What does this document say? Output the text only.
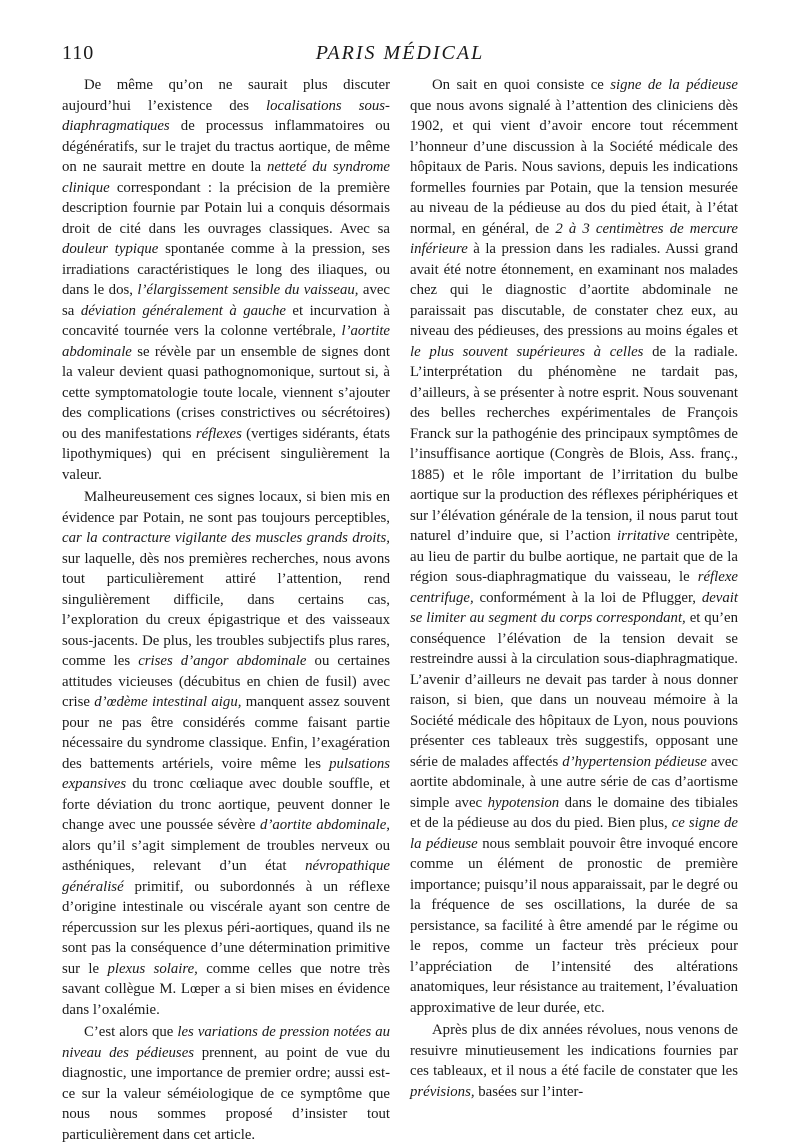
110	PARIS MÉDICAL

De même qu’on ne saurait plus discuter aujourd’hui l’existence des localisations sous-diaphragmatiques de processus inflammatoires ou dégénératifs, sur le trajet du tractus aortique, de même on ne saurait mettre en doute la netteté du syndrome clinique correspondant : la précision de la première description fournie par Potain lui a conquis désormais droit de cité dans les ouvrages classiques. Avec sa douleur typique spontanée comme à la pression, ses irradiations caractéristiques le long des iliaques, ou dans le dos, l’élargissement sensible du vaisseau, avec sa déviation généralement à gauche et incurvation à concavité tournée vers la colonne vertébrale, l’aortite abdominale se révèle par un ensemble de signes dont la valeur devient quasi pathognomonique, surtout si, à cette symptomatologie toute locale, viennent s’ajouter des complications (crises constrictives ou sécrétoires) ou des manifestations réflexes (vertiges sidérants, états lipothymiques) qui en précisent singulièrement la valeur.

Malheureusement ces signes locaux, si bien mis en évidence par Potain, ne sont pas toujours perceptibles, car la contracture vigilante des muscles grands droits, sur laquelle, dès nos premières recherches, nous avons tout particulièrement attiré l’attention, rend singulièrement difficile, dans certains cas, l’exploration du creux épigastrique et des vaisseaux sous-jacents. De plus, les troubles subjectifs plus rares, comme les crises d’angor abdominale ou certaines attitudes vicieuses (décubitus en chien de fusil) avec crise d’œdème intestinal aigu, manquent assez souvent pour ne pas être considérés comme faisant partie nécessaire du syndrome classique. Enfin, l’exagération des battements artériels, voire même les pulsations expansives du tronc cœliaque avec double souffle, et forte déviation du tronc aortique, peuvent donner le change avec une poussée sévère d’aortite abdominale, alors qu’il s’agit simplement de troubles nerveux ou asthéniques, relevant d’un état névropathique généralisé primitif, ou subordonnés à un réflexe d’origine intestinale ou viscérale ayant son centre de répercussion sur les plexus péri-aortiques, quand ils ne sont pas la conséquence d’une détermination primitive sur le plexus solaire, comme celles que notre très savant collègue M. Lœper a si bien mises en évidence dans l’oxalémie.

C’est alors que les variations de pression notées au niveau des pédieuses prennent, au point de vue du diagnostic, une importance de premier ordre; aussi est-ce sur la valeur séméiologique de ce symptôme que nous nous sommes proposé d’insister tout particulièrement dans cet article.

On sait en quoi consiste ce signe de la pédieuse que nous avons signalé à l’attention des cliniciens dès 1902, et qui vient d’avoir encore tout récemment l’honneur d’une discussion à la Société médicale des hôpitaux de Paris. Nous savions, depuis les indications formelles fournies par Potain, que la tension mesurée au niveau de la pédieuse au dos du pied était, à l’état normal, en général, de 2 à 3 centimètres de mercure inférieure à la pression dans les radiales. Aussi grand avait été notre étonnement, en examinant nos malades chez qui le diagnostic d’aortite abdominale ne paraissait pas discutable, de constater chez eux, au niveau des pédieuses, des pressions au moins égales et le plus souvent supérieures à celles de la radiale. L’interprétation du phénomène ne tardait pas, d’ailleurs, à se présenter à notre esprit. Nous souvenant des belles recherches expérimentales de François Franck sur la pathogénie des principaux symptômes de l’insuffisance aortique (Congrès de Blois, Ass. franç., 1885) et le rôle important de l’irritation du bulbe aortique sur la production des réflexes périphériques et sur l’élévation générale de la tension, il nous parut tout naturel d’induire que, si l’action irritative centripète, au lieu de partir du bulbe aortique, ne partait que de la région sous-diaphragmatique du vaisseau, le réflexe centrifuge, conformément à la loi de Pflugger, devait se limiter au segment du corps correspondant, et qu’en conséquence l’élévation de la tension devait se restreindre aussi à la circulation sous-diaphragmatique. L’avenir d’ailleurs ne devait pas tarder à nous donner raison, si bien, que dans un nouveau mémoire à la Société médicale des hôpitaux de Lyon, nous pouvions présenter ces tableaux très suggestifs, opposant une série de malades affectés d’hypertension pédieuse avec aortite abdominale, à une autre série de cas d’aortisme simple avec hypotension dans le domaine des tibiales et de la pédieuse au dos du pied. Bien plus, ce signe de la pédieuse nous semblait pouvoir être invoqué encore comme un élément de pronostic de première importance; puisqu’il nous apparaissait, par le degré ou la fréquence de ses oscillations, la durée de sa persistance, sa facilité à être amendé par le régime ou le repos, comme un facteur très précieux pour l’appréciation de l’intensité des altérations anatomiques, leur résistance au traitement, l’évaluation approximative de leur durée, etc.

Après plus de dix années révolues, nous venons de resuivre minutieusement les indications fournies par ces tableaux, et il nous a été facile de constater que les prévisions, basées sur l’inter-
